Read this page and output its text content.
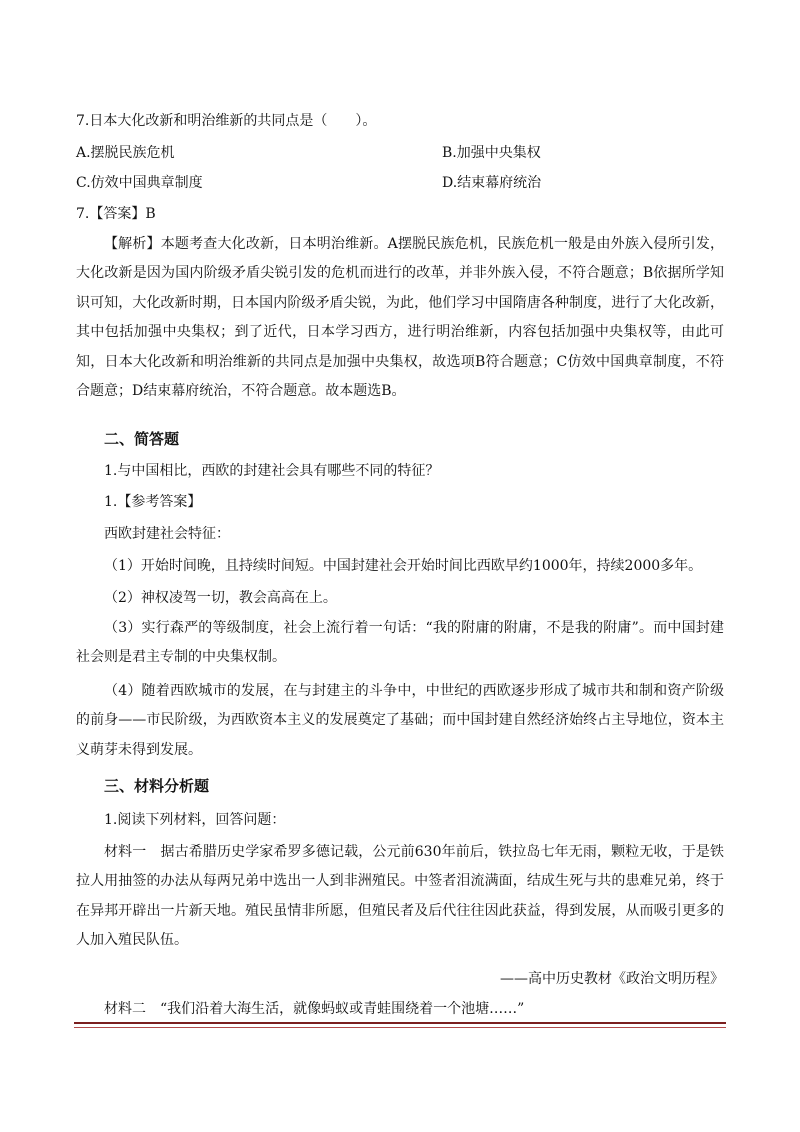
7.日本大化改新和明治维新的共同点是（　　）。
A.摆脱民族危机	B.加强中央集权
C.仿效中国典章制度	D.结束幕府统治
7.【答案】B
【解析】本题考查大化改新，日本明治维新。A摆脱民族危机，民族危机一般是由外族入侵所引发，大化改新是因为国内阶级矛盾尖锐引发的危机而进行的改革，并非外族入侵，不符合题意；B依据所学知识可知，大化改新时期，日本国内阶级矛盾尖锐，为此，他们学习中国隋唐各种制度，进行了大化改新，其中包括加强中央集权；到了近代，日本学习西方，进行明治维新，内容包括加强中央集权等，由此可知，日本大化改新和明治维新的共同点是加强中央集权，故选项B符合题意；C仿效中国典章制度，不符合题意；D结束幕府统治，不符合题意。故本题选B。
二、简答题
1.与中国相比，西欧的封建社会具有哪些不同的特征？
1.【参考答案】
西欧封建社会特征：
（1）开始时间晚，且持续时间短。中国封建社会开始时间比西欧早约1000年，持续2000多年。
（2）神权凌驾一切，教会高高在上。
（3）实行森严的等级制度，社会上流行着一句话：“我的附庸的附庸，不是我的附庸”。而中国封建社会则是君主专制的中央集权制。
（4）随着西欧城市的发展，在与封建主的斗争中，中世纪的西欧逐步形成了城市共和制和资产阶级的前身——市民阶级，为西欧资本主义的发展奠定了基础；而中国封建自然经济始终占主导地位，资本主义萌芽未得到发展。
三、材料分析题
1.阅读下列材料，回答问题：
材料一　据古希腊历史学家希罗多德记载，公元前630年前后，铁拉岛七年无雨，颗粒无收，于是铁拉人用抽签的办法从每两兄弟中选出一人到非洲殖民。中签者泪流满面，结成生死与共的患难兄弟，终于在异邦开辟出一片新天地。殖民虽情非所愿，但殖民者及后代往往因此获益，得到发展，从而吸引更多的人加入殖民队伍。
——高中历史教材《政治文明历程》
材料二　“我们沿着大海生活，就像蚂蚁或青蛙围绕着一个池塘……”
